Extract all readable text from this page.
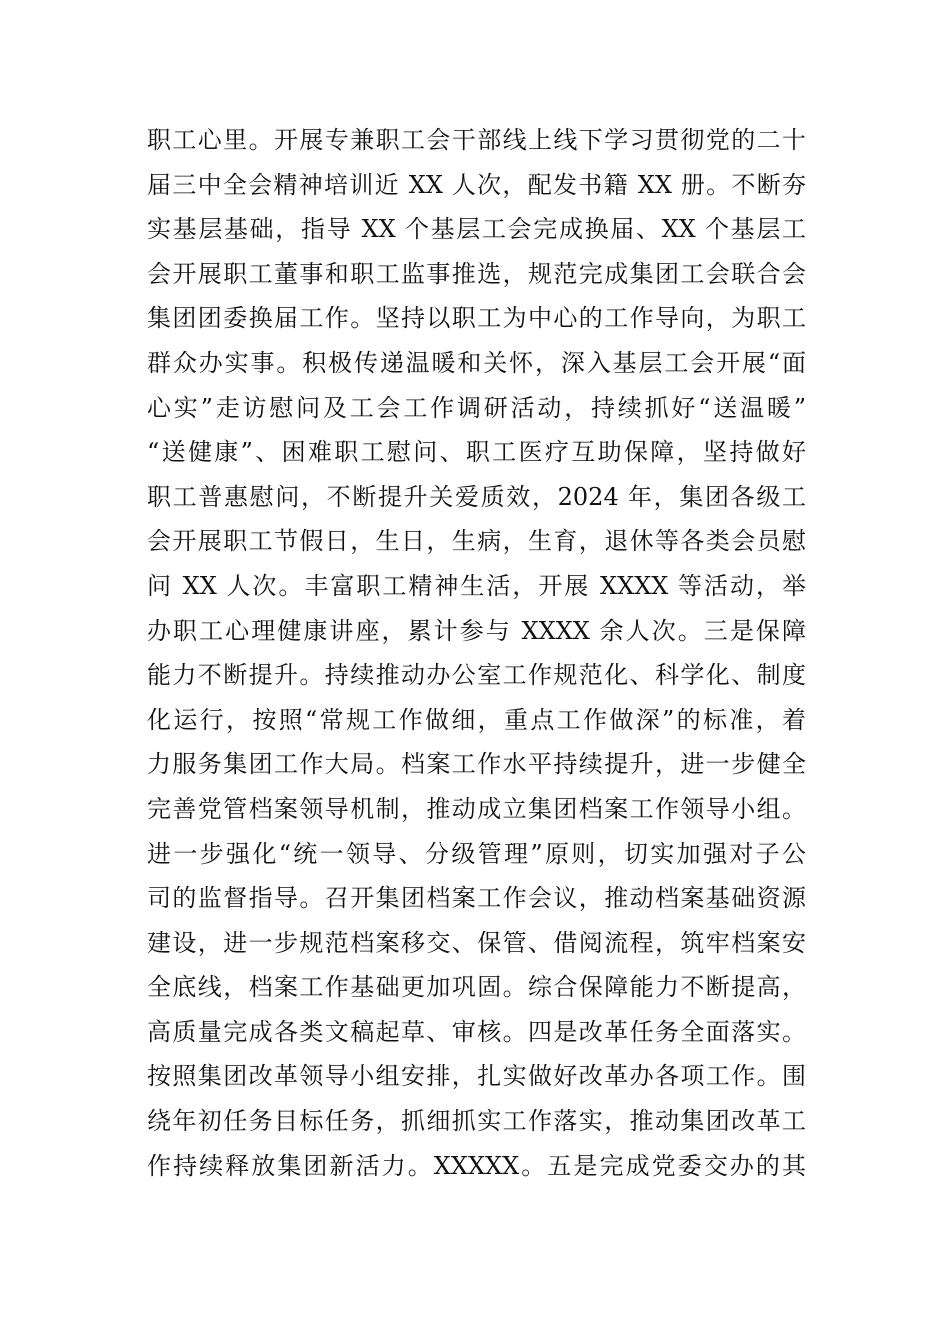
职工心里。开展专兼职工会干部线上线下学习贯彻党的二十
届三中全会精神培训近 XX 人次，配发书籍 XX 册。不断夯
实基层基础，指导 XX 个基层工会完成换届、XX 个基层工
会开展职工董事和职工监事推选，规范完成集团工会联合会
集团团委换届工作。坚持以职工为中心的工作导向，为职工
群众办实事。积极传递温暖和关怀，深入基层工会开展“面
心实”走访慰问及工会工作调研活动，持续抓好“送温暖”
“送健康”、困难职工慰问、职工医疗互助保障，坚持做好
职工普惠慰问，不断提升关爱质效，2024 年，集团各级工
会开展职工节假日，生日，生病，生育，退休等各类会员慰
问 XX 人次。丰富职工精神生活，开展 XXXX 等活动，举
办职工心理健康讲座，累计参与 XXXX 余人次。三是保障
能力不断提升。持续推动办公室工作规范化、科学化、制度
化运行，按照“常规工作做细，重点工作做深”的标准，着
力服务集团工作大局。档案工作水平持续提升，进一步健全
完善党管档案领导机制，推动成立集团档案工作领导小组。
进一步强化“统一领导、分级管理”原则，切实加强对子公
司的监督指导。召开集团档案工作会议，推动档案基础资源
建设，进一步规范档案移交、保管、借阅流程，筑牢档案安
全底线，档案工作基础更加巩固。综合保障能力不断提高，
高质量完成各类文稿起草、审核。四是改革任务全面落实。
按照集团改革领导小组安排，扎实做好改革办各项工作。围
绕年初任务目标任务，抓细抓实工作落实，推动集团改革工
作持续释放集团新活力。XXXXX。五是完成党委交办的其
